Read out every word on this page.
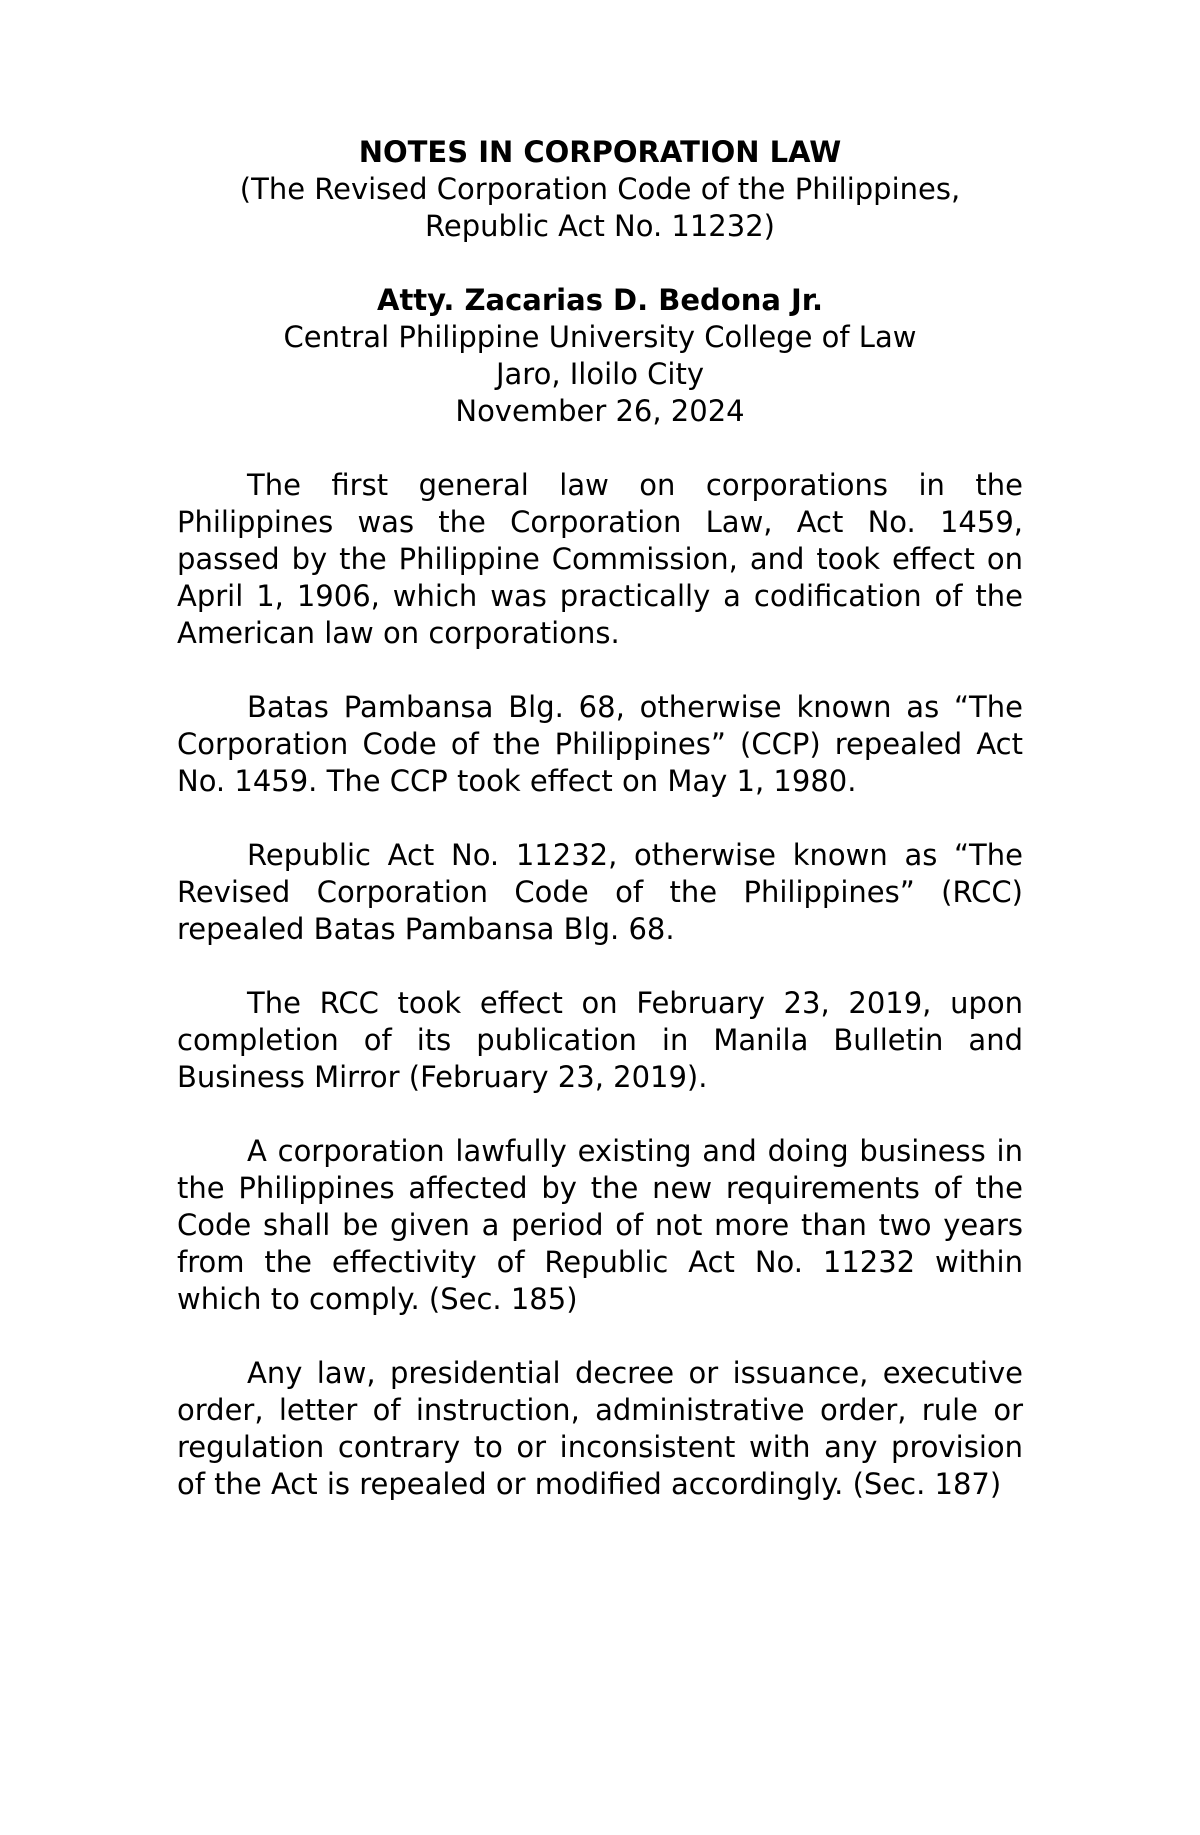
NOTES IN CORPORATION LAW
(The Revised Corporation Code of the Philippines,
Republic Act No. 11232)
Atty. Zacarias D. Bedona Jr.
Central Philippine University College of Law
Jaro, Iloilo City
November 26, 2024

The first general law on corporations in the Philippines was the Corporation Law, Act No. 1459, passed by the Philippine Commission, and took effect on April 1, 1906, which was practically a codification of the American law on corporations.

Batas Pambansa Blg. 68, otherwise known as “The Corporation Code of the Philippines” (CCP) repealed Act No. 1459. The CCP took effect on May 1, 1980.

Republic Act No. 11232, otherwise known as “The Revised Corporation Code of the Philippines” (RCC) repealed Batas Pambansa Blg. 68.

The RCC took effect on February 23, 2019, upon completion of its publication in Manila Bulletin and Business Mirror (February 23, 2019).

A corporation lawfully existing and doing business in the Philippines affected by the new requirements of the Code shall be given a period of not more than two years from the effectivity of Republic Act No. 11232 within which to comply. (Sec. 185)

Any law, presidential decree or issuance, executive order, letter of instruction, administrative order, rule or regulation contrary to or inconsistent with any provision of the Act is repealed or modified accordingly. (Sec. 187)
